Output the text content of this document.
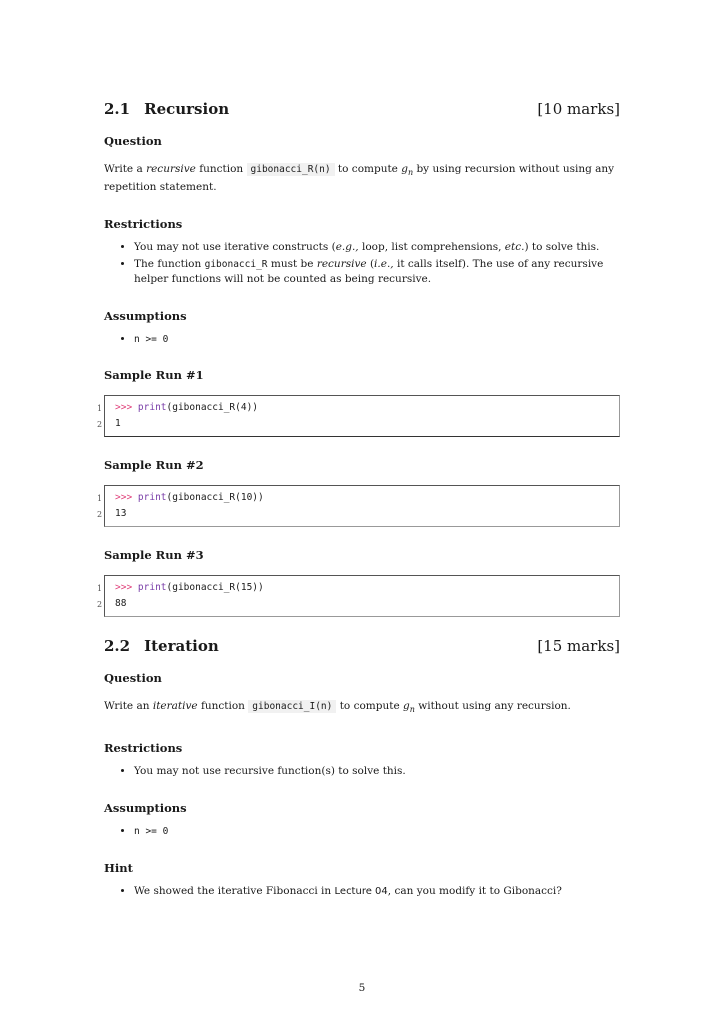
2.1 Recursion	[10 marks]
Question

Write a recursive function gibonacci_R(n) to compute $g_n$ by using recursion without using any repetition statement.

Restrictions
• You may not use iterative constructs (e.g., loop, list comprehensions, etc.) to solve this.
• The function gibonacci_R must be recursive (i.e., it calls itself). The use of any recursive helper functions will not be counted as being recursive.
Assumptions
• n >= 0
Sample Run #1
1
2
>>> print(gibonacci_R(4))
1
Sample Run #2
1
2
>>> print(gibonacci_R(10))
13
Sample Run #3
1
2
>>> print(gibonacci_R(15))
88
2.2 Iteration	[15 marks]
Question

Write an iterative function gibonacci_I(n) to compute $g_n$ without using any recursion.

Restrictions
• You may not use recursive function(s) to solve this.
Assumptions
• n >= 0
Hint
• We showed the iterative Fibonacci in Lecture 04, can you modify it to Gibonacci?
5
